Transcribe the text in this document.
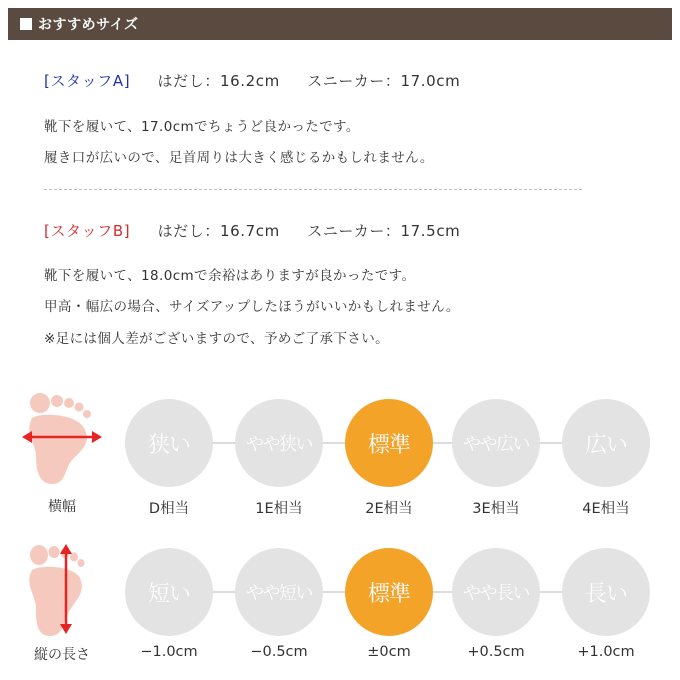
おすすめサイズ
[スタッフA] はだし：16.2cm スニーカー：17.0cm
靴下を履いて、17.0cmでちょうど良かったです。
履き口が広いので、足首周りは大きく感じるかもしれません。
[スタッフB] はだし：16.7cm スニーカー：17.5cm
靴下を履いて、18.0cmで余裕はありますが良かったです。
甲高・幅広の場合、サイズアップしたほうがいいかもしれません。
※足には個人差がございますので、予めご了承下さい。
横幅
狭い	やや狭い	標準	やや広い	広い
D相当	1E相当	2E相当	3E相当	4E相当
縦の長さ
短い	やや短い	標準	やや長い	長い
−1.0cm	−0.5cm	±0cm	+0.5cm	+1.0cm
